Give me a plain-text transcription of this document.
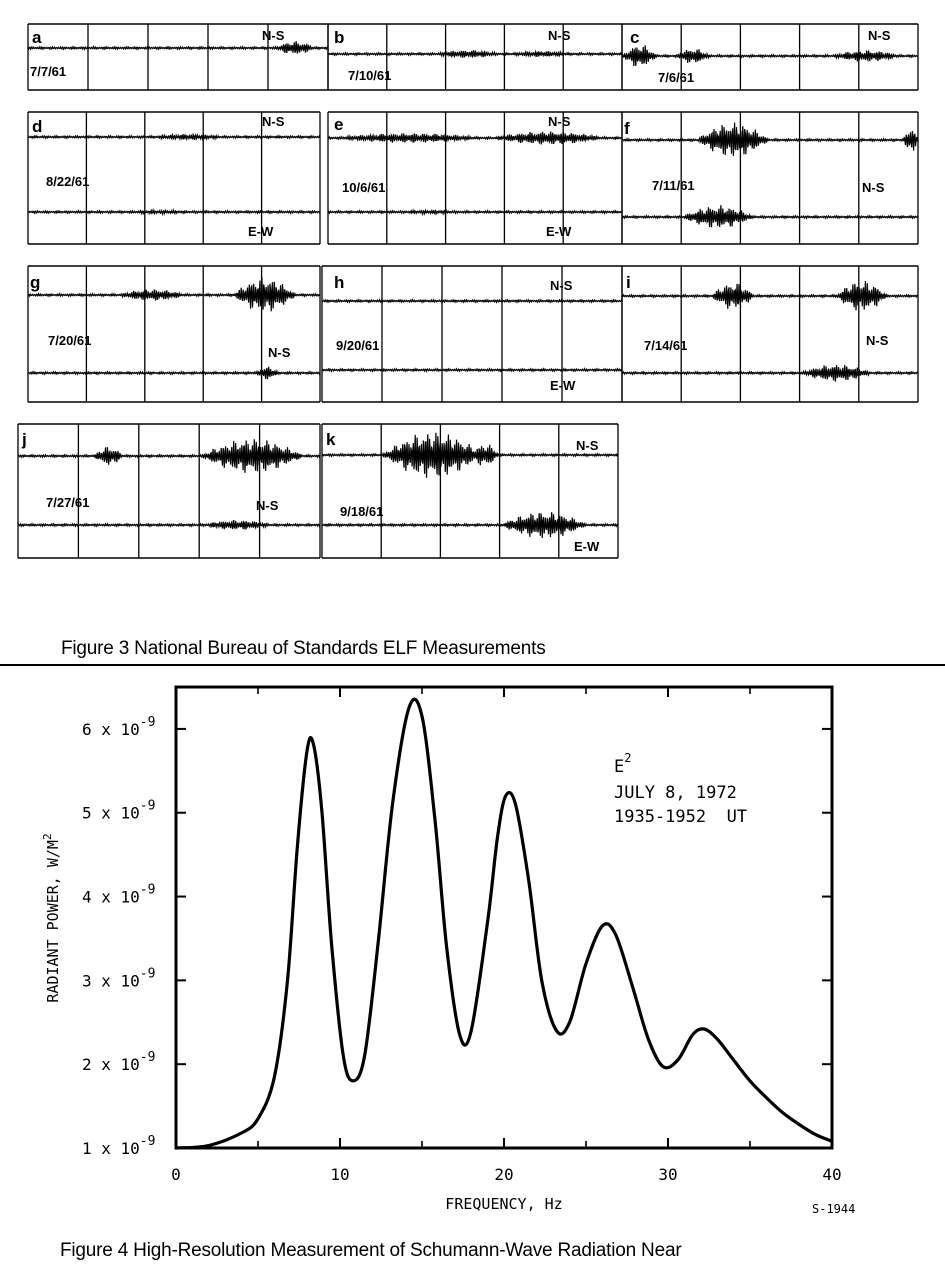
a
7/7/61
N-S	b
7/10/61
N-S	c
7/6/61
N-S
d
8/22/61
N-S
E-W
e
10/6/61
N-S
E-W
f
7/11/61	N-S
g
7/20/61
N-S
h
9/20/61
N-S
E-W
i
7/14/61	N-S
j
7/27/61	N-S
k
9/18/61
N-S
E-W
Figure 3 National Bureau of Standards ELF Measurements
0	10	20	30	40
1 x $10^{-9}$
2 x $10^{-9}$
3 x $10^{-9}$
4 x $10^{-9}$
5 x $10^{-9}$
6 x $10^{-9}$
$E^2$
JULY 8, 1972
1935-1952  UT
FREQUENCY, Hz
RADIANT POWER, $W/M^2$
S-1944
Figure 4 High-Resolution Measurement of Schumann-Wave Radiation Near
